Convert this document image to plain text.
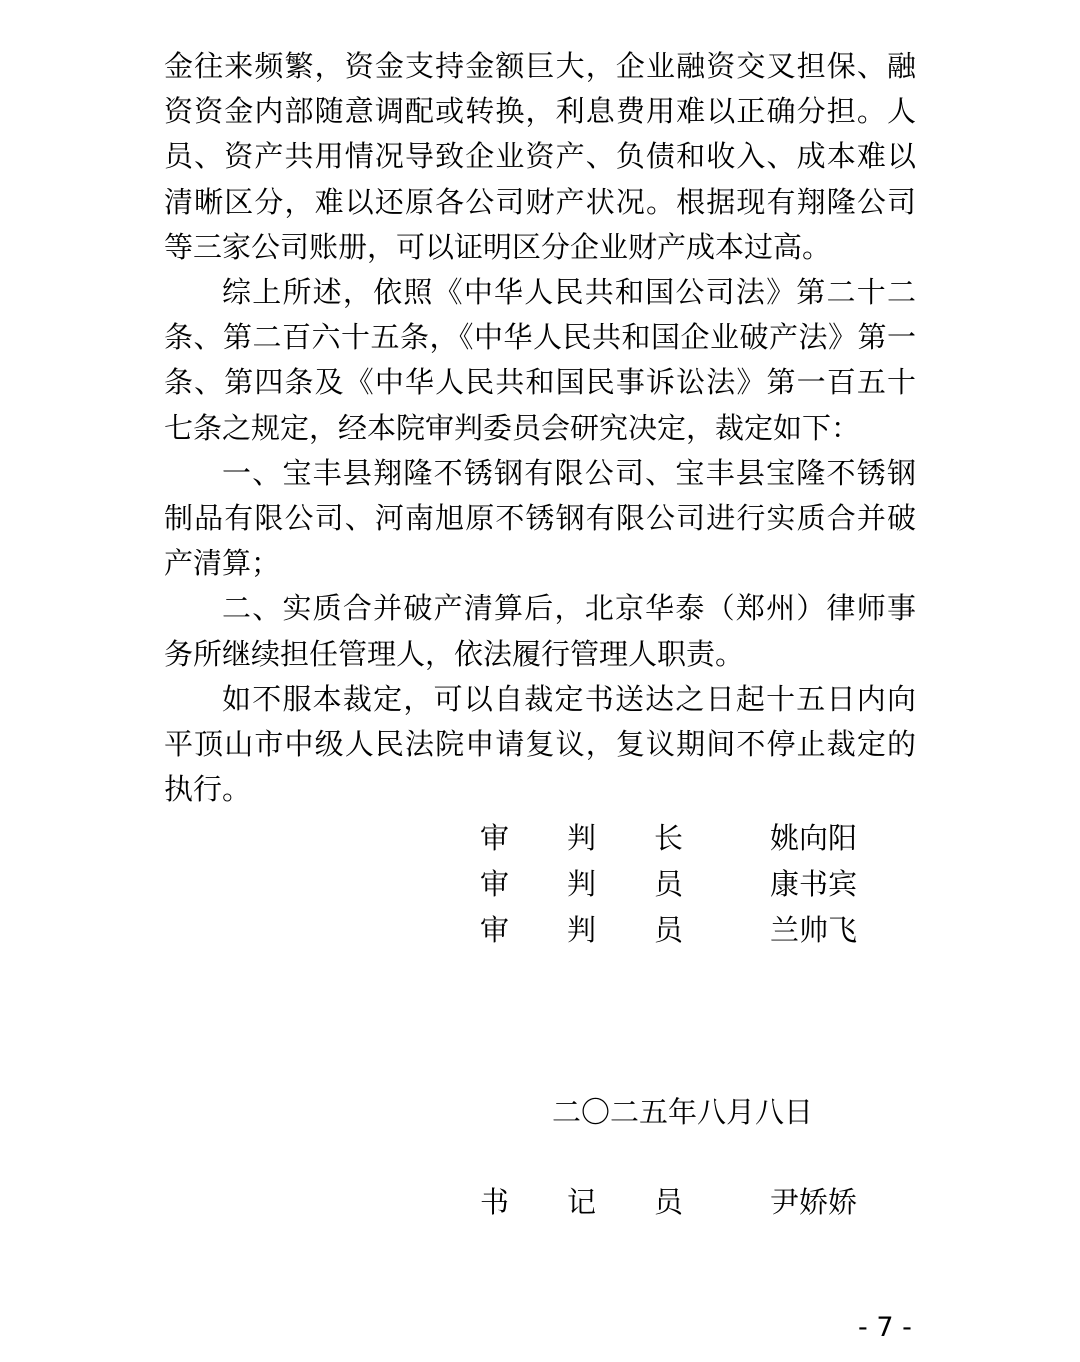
金往来频繁，资金支持金额巨大，企业融资交叉担保、融资资金内部随意调配或转换，利息费用难以正确分担。人员、资产共用情况导致企业资产、负债和收入、成本难以清晰区分，难以还原各公司财产状况。根据现有翔隆公司等三家公司账册，可以证明区分企业财产成本过高。

综上所述，依照《中华人民共和国公司法》第二十二条、第二百六十五条，《中华人民共和国企业破产法》第一条、第四条及《中华人民共和国民事诉讼法》第一百五十七条之规定，经本院审判委员会研究决定，裁定如下：

一、宝丰县翔隆不锈钢有限公司、宝丰县宝隆不锈钢制品有限公司、河南旭原不锈钢有限公司进行实质合并破产清算；

二、实质合并破产清算后，北京华泰（郑州）律师事务所继续担任管理人，依法履行管理人职责。

如不服本裁定，可以自裁定书送达之日起十五日内向平顶山市中级人民法院申请复议，复议期间不停止裁定的执行。

审 判 长	姚向阳
审 判 员	康书宾
审 判 员	兰帅飞
二〇二五年八月八日
书 记 员	尹娇娇
- 7 -
